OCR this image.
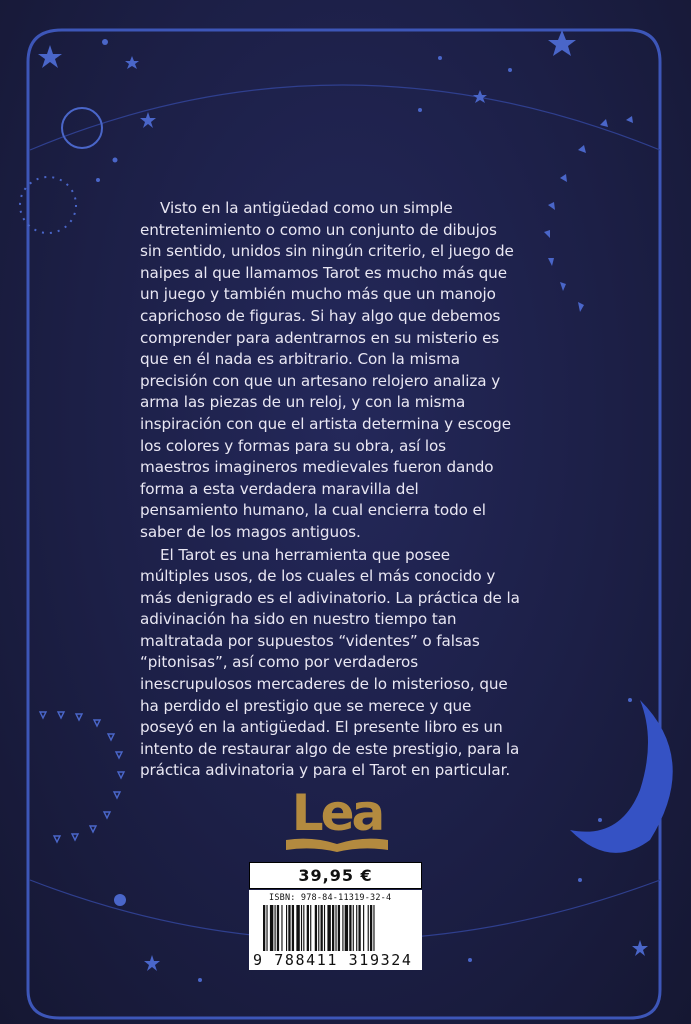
Visto en la antigüedad como un simple entretenimiento o como un conjunto de dibujos sin sentido, unidos sin ningún criterio, el juego de naipes al que llamamos Tarot es mucho más que un juego y también mucho más que un manojo caprichoso de figuras. Si hay algo que debemos comprender para adentrarnos en su misterio es que en él nada es arbitrario. Con la misma precisión con que un artesano relojero analiza y arma las piezas de un reloj, y con la misma inspiración con que el artista determina y escoge los colores y formas para su obra, así los maestros imagineros medievales fueron dando forma a esta verdadera maravilla del pensamiento humano, la cual encierra todo el saber de los magos antiguos.

El Tarot es una herramienta que posee múltiples usos, de los cuales el más conocido y más denigrado es el adivinatorio. La práctica de la adivinación ha sido en nuestro tiempo tan maltratada por supuestos “videntes” o falsas “pitonisas”, así como por verdaderos inescrupulosos mercaderes de lo misterioso, que ha perdido el prestigio que se merece y que poseyó en la antigüedad. El presente libro es un intento de restaurar algo de este prestigio, para la práctica adivinatoria y para el Tarot en particular.

Lea
39,95 €
ISBN: 978-84-11319-32-4
9 788411 319324
